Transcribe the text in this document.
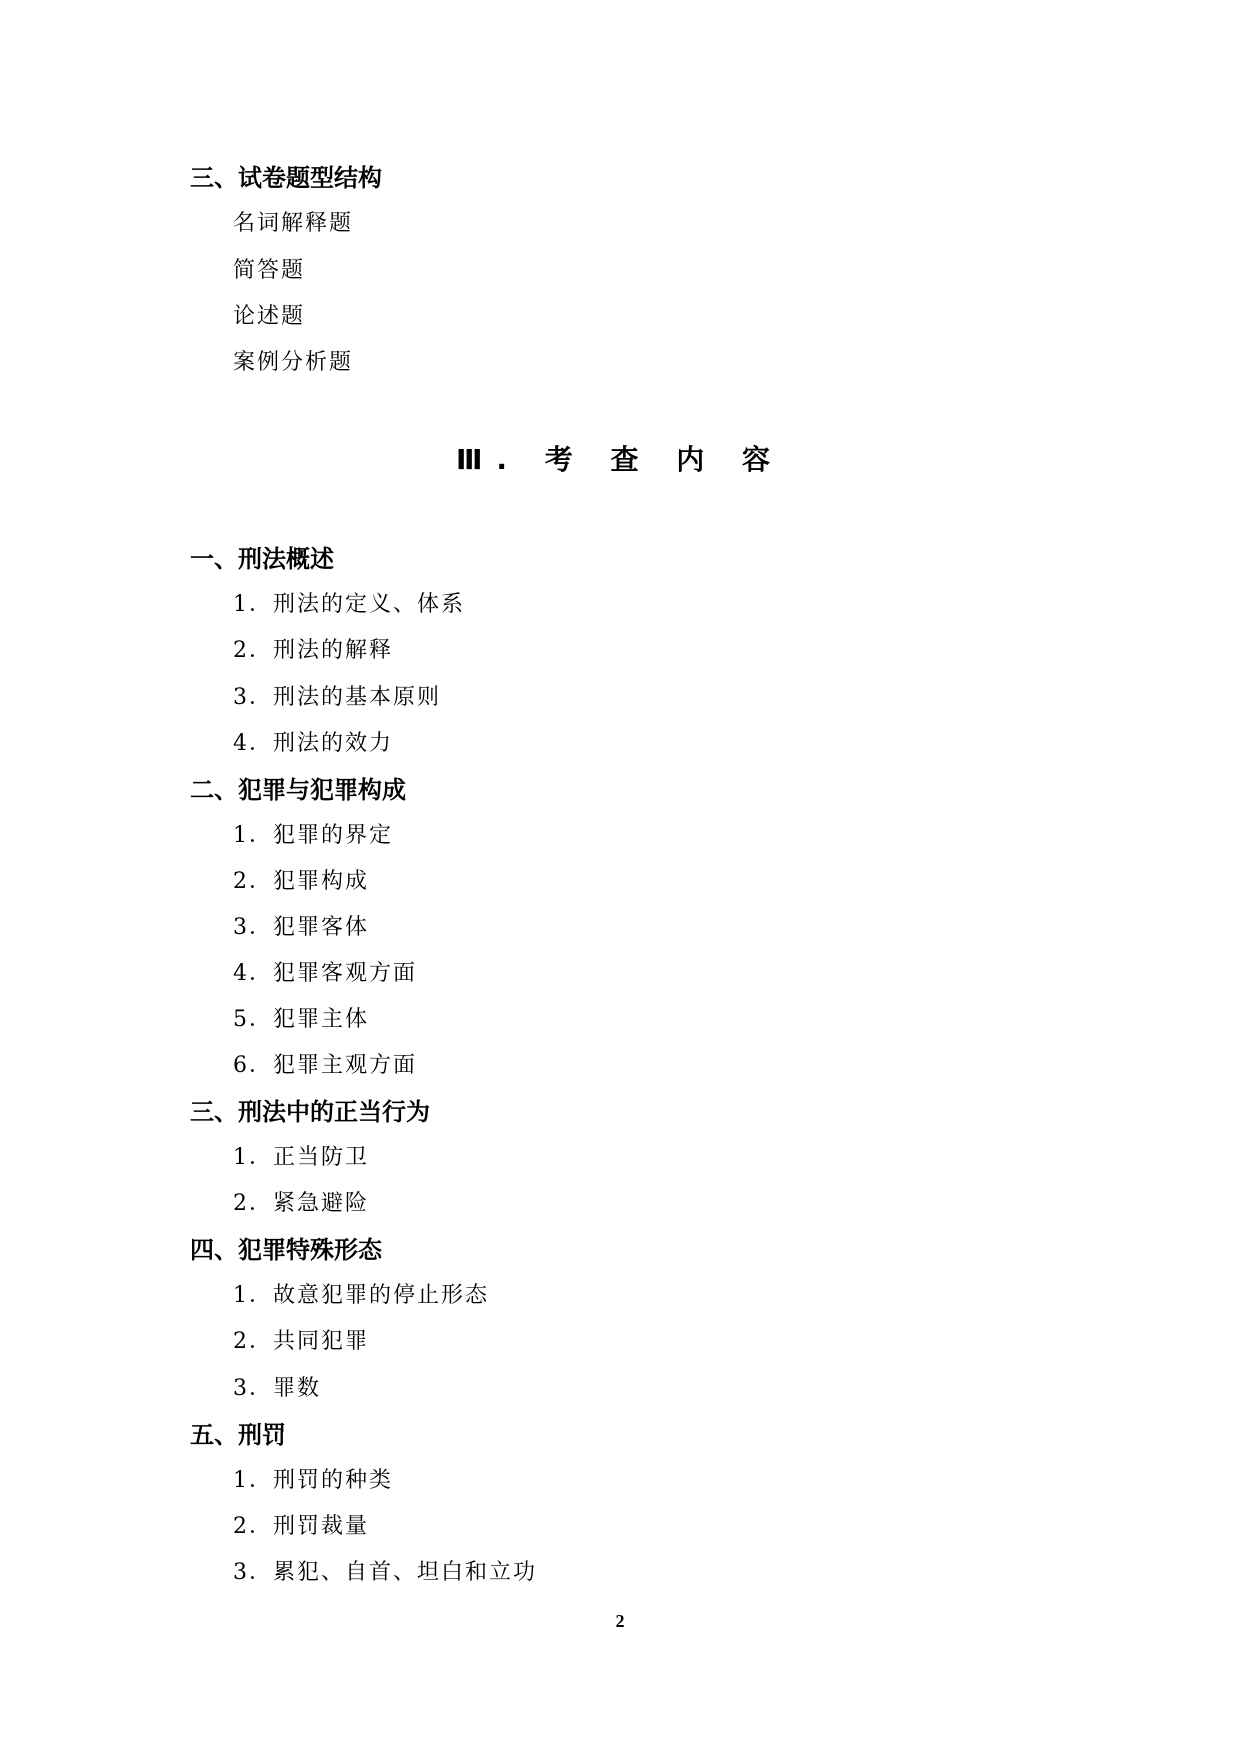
三、试卷题型结构
名词解释题
简答题
论述题
案例分析题
Ⅲ. 考 查 内 容
一、刑法概述
1．刑法的定义、体系
2．刑法的解释
3．刑法的基本原则
4．刑法的效力
二、犯罪与犯罪构成
1．犯罪的界定
2．犯罪构成
3．犯罪客体
4．犯罪客观方面
5．犯罪主体
6．犯罪主观方面
三、刑法中的正当行为
1．正当防卫
2．紧急避险
四、犯罪特殊形态
1．故意犯罪的停止形态
2．共同犯罪
3．罪数
五、刑罚
1．刑罚的种类
2．刑罚裁量
3．累犯、自首、坦白和立功
2
